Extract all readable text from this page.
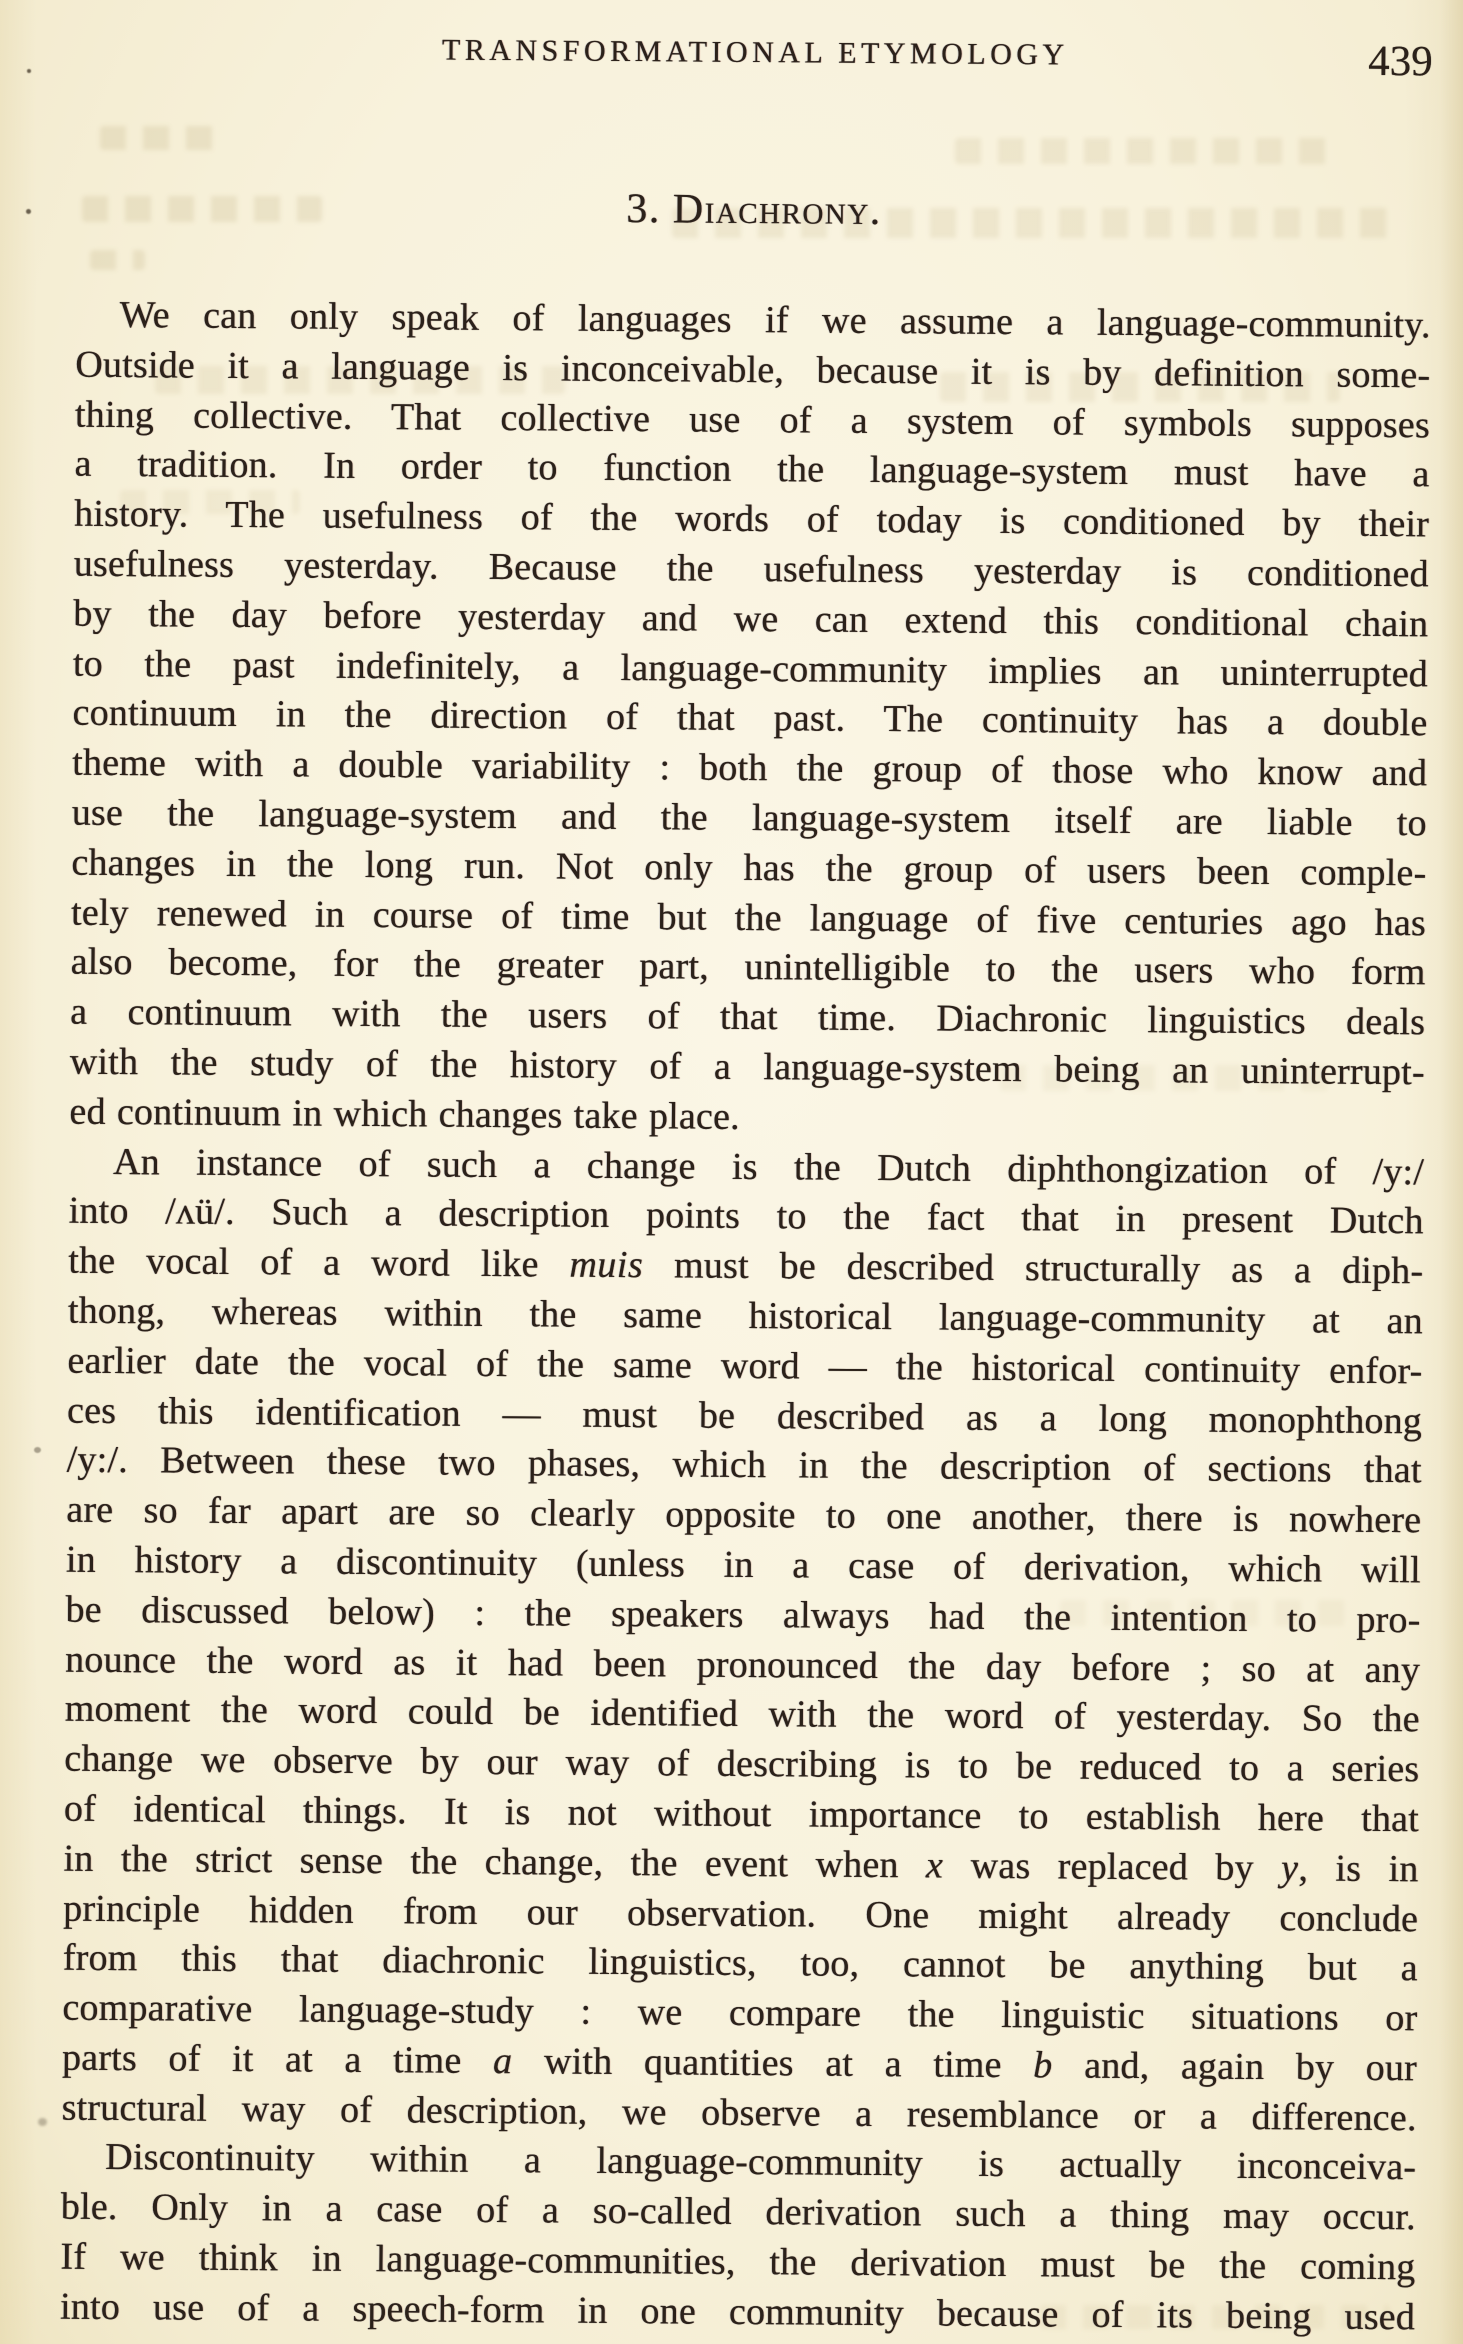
TRANSFORMATIONAL ETYMOLOGY	439
3. Diachrony.
We can only speak of languages if we assume a language-community.
Outside it a language is inconceivable, because it is by definition some-
thing collective. That collective use of a system of symbols supposes
a tradition. In order to function the language-system must have a
history. The usefulness of the words of today is conditioned by their
usefulness yesterday. Because the usefulness yesterday is conditioned
by the day before yesterday and we can extend this conditional chain
to the past indefinitely, a language-community implies an uninterrupted
continuum in the direction of that past. The continuity has a double
theme with a double variability : both the group of those who know and
use the language-system and the language-system itself are liable to
changes in the long run. Not only has the group of users been comple-
tely renewed in course of time but the language of five centuries ago has
also become, for the greater part, unintelligible to the users who form
a continuum with the users of that time. Diachronic linguistics deals
with the study of the history of a language-system being an uninterrupt-
ed continuum in which changes take place.
An instance of such a change is the Dutch diphthongization of /y:/
into /ʌü/. Such a description points to the fact that in present Dutch
the vocal of a word like muis must be described structurally as a diph-
thong, whereas within the same historical language-community at an
earlier date the vocal of the same word — the historical continuity enfor-
ces this identification — must be described as a long monophthong
/y:/. Between these two phases, which in the description of sections that
are so far apart are so clearly opposite to one another, there is nowhere
in history a discontinuity (unless in a case of derivation, which will
be discussed below) : the speakers always had the intention to pro-
nounce the word as it had been pronounced the day before ; so at any
moment the word could be identified with the word of yesterday. So the
change we observe by our way of describing is to be reduced to a series
of identical things. It is not without importance to establish here that
in the strict sense the change, the event when x was replaced by y, is in
principle hidden from our observation. One might already conclude
from this that diachronic linguistics, too, cannot be anything but a
comparative language-study : we compare the linguistic situations or
parts of it at a time a with quantities at a time b and, again by our
structural way of description, we observe a resemblance or a difference.
Discontinuity within a language-community is actually inconceiva-
ble. Only in a case of a so-called derivation such a thing may occur.
If we think in language-communities, the derivation must be the coming
into use of a speech-form in one community because of its being used
